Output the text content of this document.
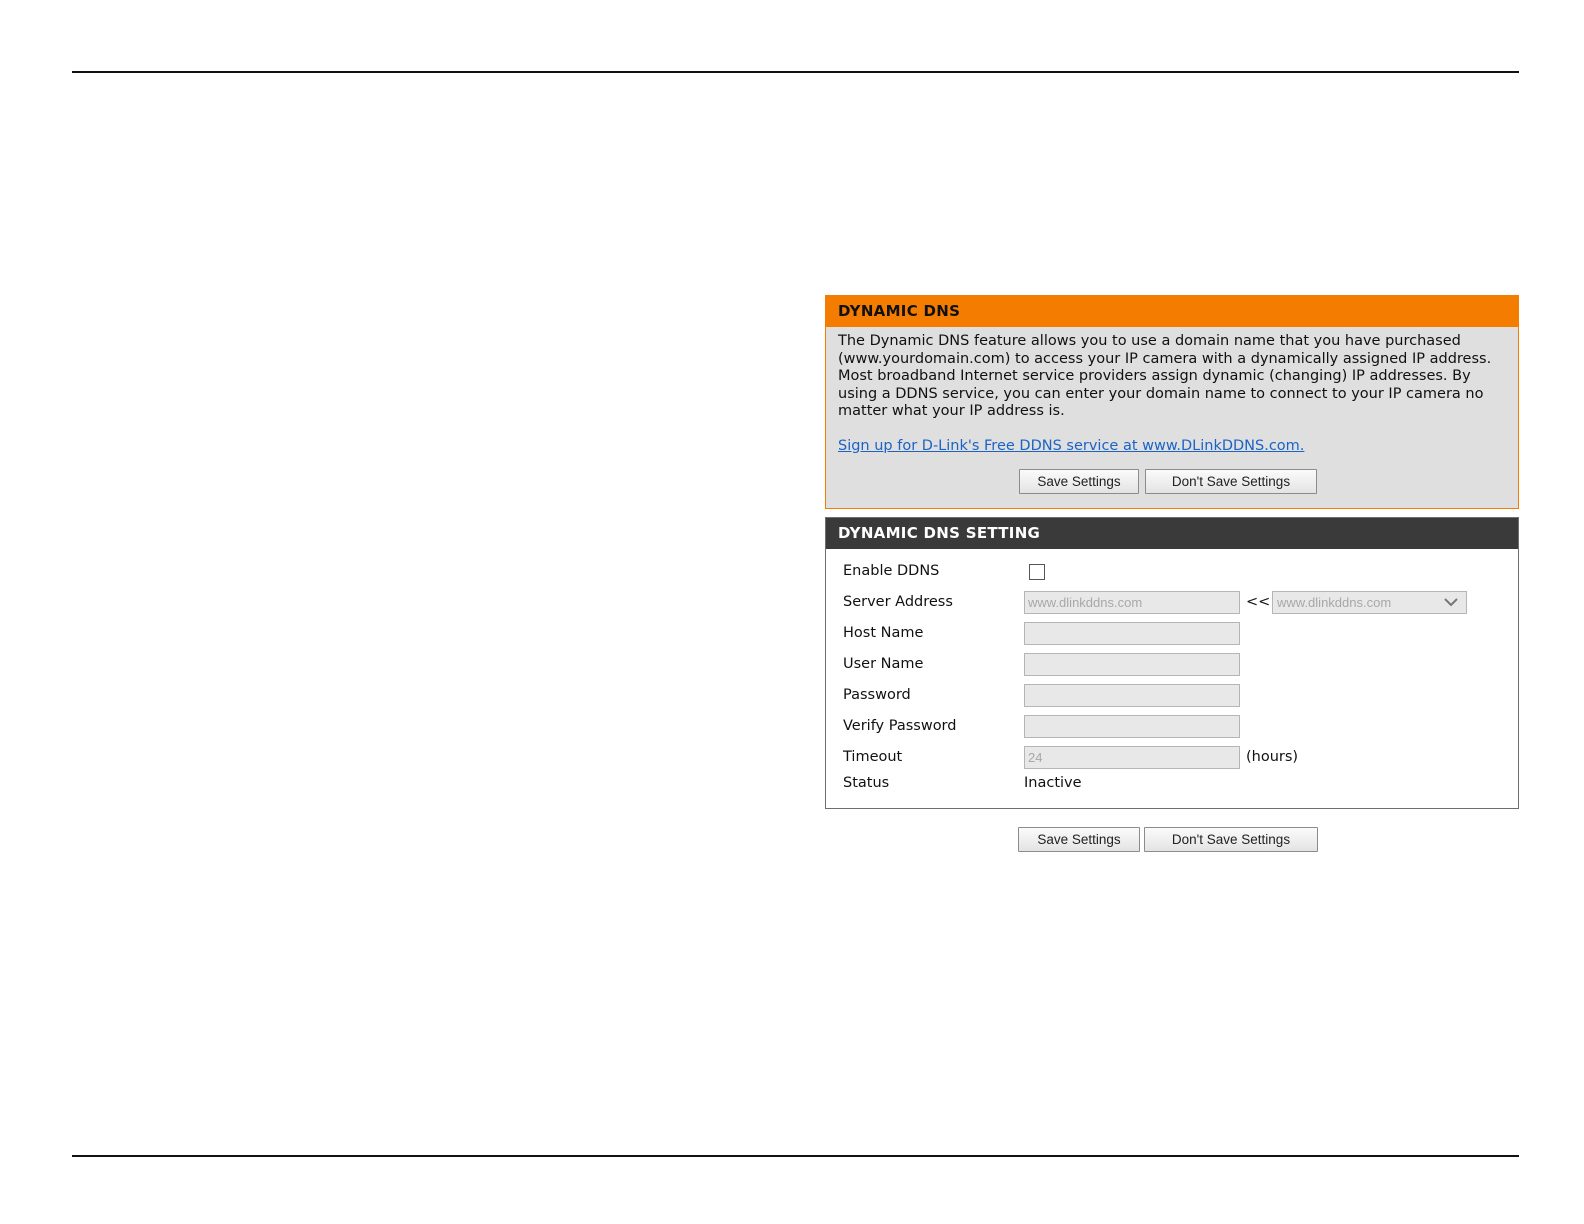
DYNAMIC DNS
The Dynamic DNS feature allows you to use a domain name that you have purchased (www.yourdomain.com) to access your IP camera with a dynamically assigned IP address. Most broadband Internet service providers assign dynamic (changing) IP addresses. By using a DDNS service, you can enter your domain name to connect to your IP camera no matter what your IP address is.
Sign up for D-Link's Free DDNS service at www.DLinkDDNS.com.
Save Settings	Don't Save Settings
DYNAMIC DNS SETTING
Enable DDNS
Server Address	www.dlinkddns.com	<< www.dlinkddns.com
Host Name
User Name
Password
Verify Password
Timeout	24	(hours)
Status	Inactive
Save Settings	Don't Save Settings
